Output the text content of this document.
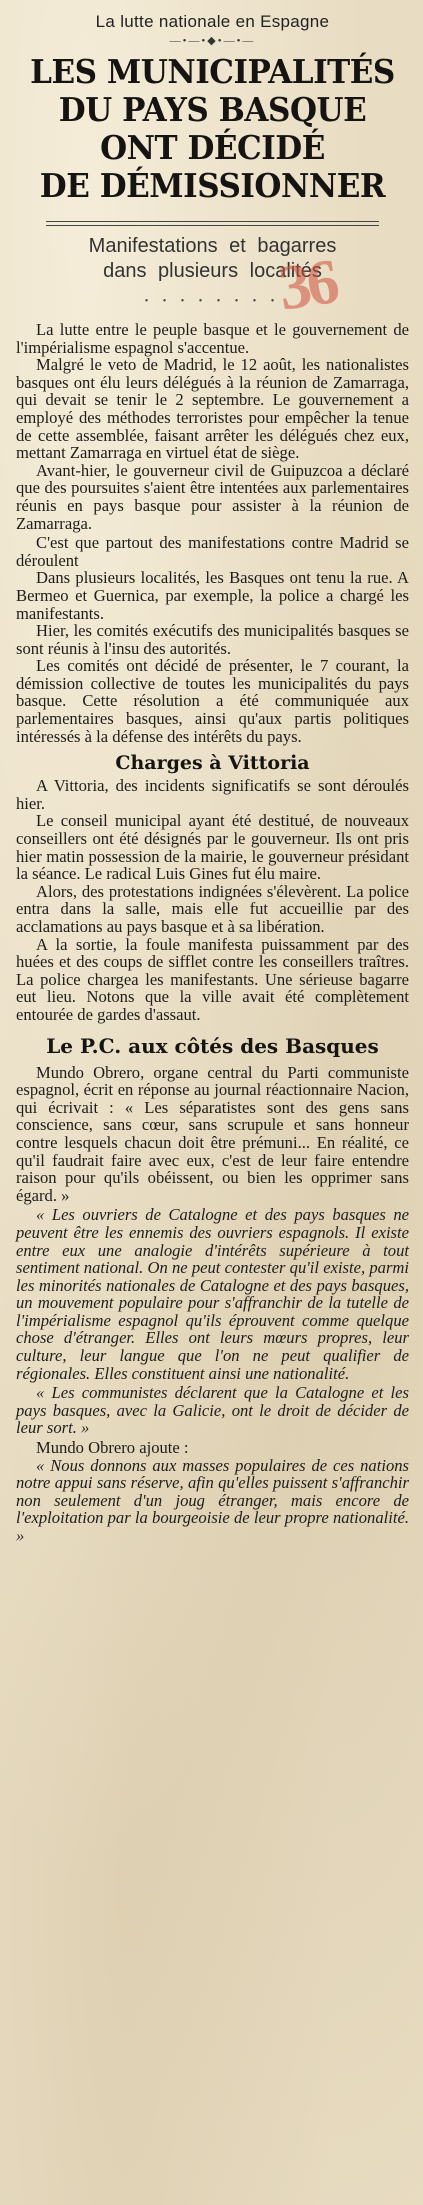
La lutte nationale en Espagne
—•—•◆•—•—
LES MUNICIPALITÉS
DU PAYS BASQUE
ONT DÉCIDÉ
DE DÉMISSIONNER
36
Manifestations et bagarres
dans plusieurs localités
• • • • • • • •

La lutte entre le peuple basque et le gouvernement de l'impérialisme espagnol s'accentue.

Malgré le veto de Madrid, le 12 août, les nationalistes basques ont élu leurs délégués à la réunion de Zamarraga, qui devait se tenir le 2 septembre. Le gouvernement a employé des méthodes terroristes pour empêcher la tenue de cette assemblée, faisant arrêter les délégués chez eux, mettant Zamarraga en virtuel état de siège.

Avant-hier, le gouverneur civil de Guipuzcoa a déclaré que des poursuites s'aient être intentées aux parlementaires réunis en pays basque pour assister à la réunion de Zamarraga.

C'est que partout des manifestations contre Madrid se déroulent

Dans plusieurs localités, les Basques ont tenu la rue. A Bermeo et Guernica, par exemple, la police a chargé les manifestants.

Hier, les comités exécutifs des municipalités basques se sont réunis à l'insu des autorités.

Les comités ont décidé de présenter, le 7 courant, la démission collective de toutes les municipalités du pays basque. Cette résolution a été communiquée aux parlementaires basques, ainsi qu'aux partis politiques intéressés à la défense des intérêts du pays.

Charges à Vittoria

A Vittoria, des incidents significatifs se sont déroulés hier.

Le conseil municipal ayant été destitué, de nouveaux conseillers ont été désignés par le gouverneur. Ils ont pris hier matin possession de la mairie, le gouverneur présidant la séance. Le radical Luis Gines fut élu maire.

Alors, des protestations indignées s'élevèrent. La police entra dans la salle, mais elle fut accueillie par des acclamations au pays basque et à sa libération.

A la sortie, la foule manifesta puissamment par des huées et des coups de sifflet contre les conseillers traîtres. La police chargea les manifestants. Une sérieuse bagarre eut lieu. Notons que la ville avait été complètement entourée de gardes d'assaut.

Le P.C. aux côtés des Basques

Mundo Obrero, organe central du Parti communiste espagnol, écrit en réponse au journal réactionnaire Nacion, qui écrivait : « Les séparatistes sont des gens sans conscience, sans cœur, sans scrupule et sans honneur contre lesquels chacun doit être prémuni... En réalité, ce qu'il faudrait faire avec eux, c'est de leur faire entendre raison pour qu'ils obéissent, ou bien les opprimer sans égard. »

« Les ouvriers de Catalogne et des pays basques ne peuvent être les ennemis des ouvriers espagnols. Il existe entre eux une analogie d'intérêts supérieure à tout sentiment national. On ne peut contester qu'il existe, parmi les minorités nationales de Catalogne et des pays basques, un mouvement populaire pour s'affranchir de la tutelle de l'impérialisme espagnol qu'ils éprouvent comme quelque chose d'étranger. Elles ont leurs mœurs propres, leur culture, leur langue que l'on ne peut qualifier de régionales. Elles constituent ainsi une nationalité.

« Les communistes déclarent que la Catalogne et les pays basques, avec la Galicie, ont le droit de décider de leur sort. »

Mundo Obrero ajoute :

« Nous donnons aux masses populaires de ces nations notre appui sans réserve, afin qu'elles puissent s'affranchir non seulement d'un joug étranger, mais encore de l'exploitation par la bourgeoisie de leur propre nationalité. »
